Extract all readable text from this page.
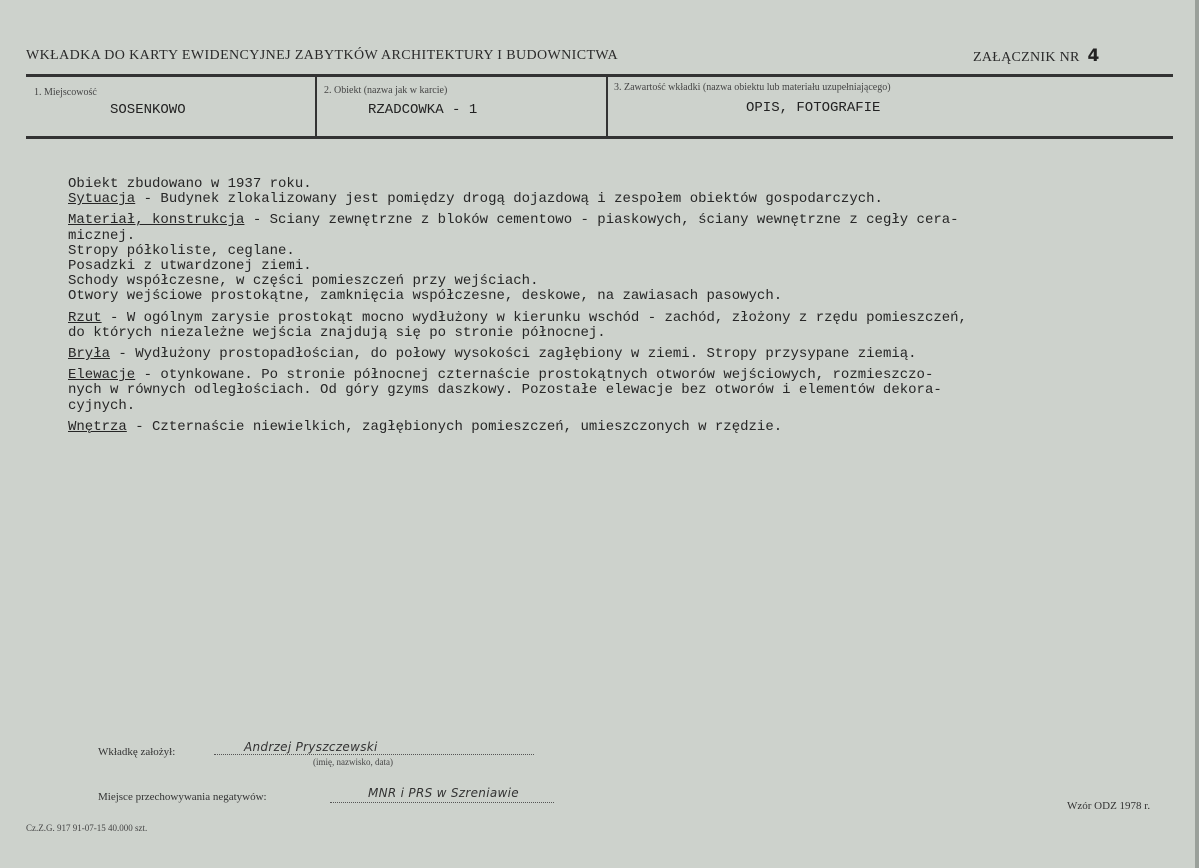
WKŁADKA DO KARTY EWIDENCYJNEJ ZABYTKÓW ARCHITEKTURY I BUDOWNICTWA	ZAŁĄCZNIK NR 4
1. Miejscowość
SOSENKOWO
2. Obiekt (nazwa jak w karcie)
RZADCOWKA - 1
3. Zawartość wkładki (nazwa obiektu lub materiału uzupełniającego)
OPIS, FOTOGRAFIE
Obiekt zbudowano w 1937 roku.
Sytuacja - Budynek zlokalizowany jest pomiędzy drogą dojazdową i zespołem obiektów gospodarczych.
Materiał, konstrukcja - Sciany zewnętrzne z bloków cementowo - piaskowych, ściany wewnętrzne z cegły cera-
micznej.
Stropy półkoliste, ceglane.
Posadzki z utwardzonej ziemi.
Schody współczesne, w części pomieszczeń przy wejściach.
Otwory wejściowe prostokątne, zamknięcia współczesne, deskowe, na zawiasach pasowych.
Rzut - W ogólnym zarysie prostokąt mocno wydłużony w kierunku wschód - zachód, złożony z rzędu pomieszczeń,
do których niezależne wejścia znajdują się po stronie północnej.
Bryła - Wydłużony prostopadłościan, do połowy wysokości zagłębiony w ziemi. Stropy przysypane ziemią.
Elewacje - otynkowane. Po stronie północnej czternaście prostokątnych otworów wejściowych, rozmieszczo-
nych w równych odległościach. Od góry gzyms daszkowy. Pozostałe elewacje bez otworów i elementów dekora-
cyjnych.
Wnętrza - Czternaście niewielkich, zagłębionych pomieszczeń, umieszczonych w rzędzie.
Wkładkę założył:	Andrzej Pryszczewski
(imię, nazwisko, data)
Miejsce przechowywania negatywów:	MNR i PRS w Szreniawie
Wzór ODZ 1978 r.
Cz.Z.G. 917 91-07-15 40.000 szt.
